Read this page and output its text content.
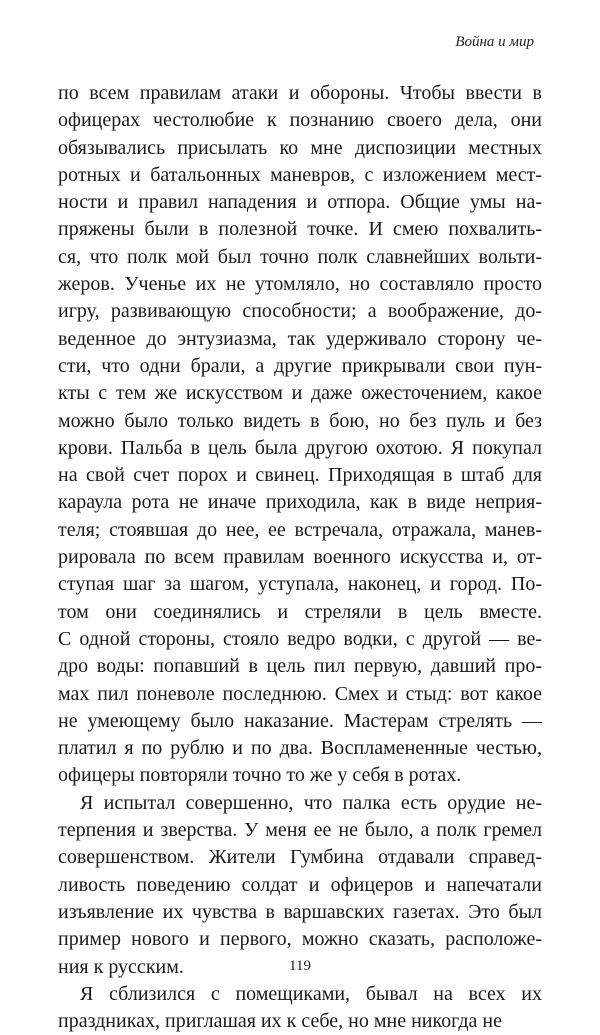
Война и мир
по всем правилам атаки и обороны. Чтобы ввести в
офицерах честолюбие к познанию своего дела, они
обязывались присылать ко мне диспозиции местных
ротных и батальонных маневров, с изложением мест-
ности и правил нападения и отпора. Общие умы на-
пряжены были в полезной точке. И смею похвалить-
ся, что полк мой был точно полк славнейших вольти-
жеров. Ученье их не утомляло, но составляло просто
игру, развивающую способности; а воображение, до-
веденное до энтузиазма, так удерживало сторону че-
сти, что одни брали, а другие прикрывали свои пун-
кты с тем же искусством и даже ожесточением, какое
можно было только видеть в бою, но без пуль и без
крови. Пальба в цель была другою охотою. Я покупал
на свой счет порох и свинец. Приходящая в штаб для
караула рота не иначе приходила, как в виде неприя-
теля; стоявшая до нее, ее встречала, отражала, манев-
рировала по всем правилам военного искусства и, от-
ступая шаг за шагом, уступала, наконец, и город. По-
том они соединялись и стреляли в цель вместе.
С одной стороны, стояло ведро водки, с другой — ве-
дро воды: попавший в цель пил первую, давший про-
мах пил поневоле последнюю. Смех и стыд: вот какое
не умеющему было наказание. Мастерам стрелять —
платил я по рублю и по два. Воспламененные честью,
офицеры повторяли точно то же у себя в ротах.
Я испытал совершенно, что палка есть орудие не-
терпения и зверства. У меня ее не было, а полк гремел
совершенством. Жители Гумбина отдавали справед-
ливость поведению солдат и офицеров и напечатали
изъявление их чувства в варшавских газетах. Это был
пример нового и первого, можно сказать, расположе-
ния к русским.
Я сблизился с помещиками, бывал на всех их
праздниках, приглашая их к себе, но мне никогда не
119
